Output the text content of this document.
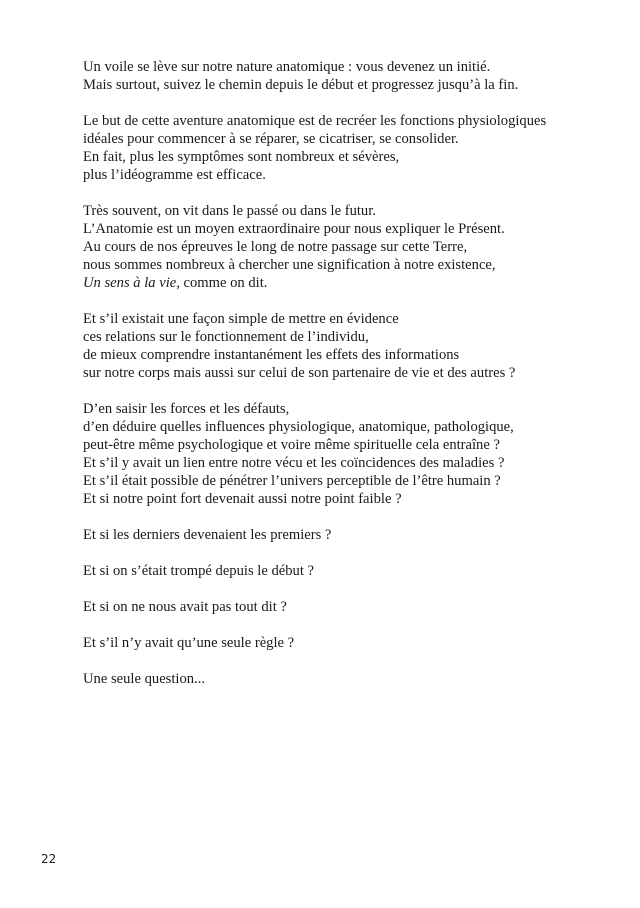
Un voile se lève sur notre nature anatomique : vous devenez un initié.
Mais surtout, suivez le chemin depuis le début et progressez jusqu’à la fin.

Le but de cette aventure anatomique est de recréer les fonctions physiologiques
idéales pour commencer à se réparer, se cicatriser, se consolider.
En fait, plus les symptômes sont nombreux et sévères,
plus l’idéogramme est efficace.

Très souvent, on vit dans le passé ou dans le futur.
L’Anatomie est un moyen extraordinaire pour nous expliquer le Présent.
Au cours de nos épreuves le long de notre passage sur cette Terre,
nous sommes nombreux à chercher une signification à notre existence,
Un sens à la vie, comme on dit.

Et s’il existait une façon simple de mettre en évidence
ces relations sur le fonctionnement de l’individu,
de mieux comprendre instantanément les effets des informations
sur notre corps mais aussi sur celui de son partenaire de vie et des autres ?

D’en saisir les forces et les défauts,
d’en déduire quelles influences physiologique, anatomique, pathologique,
peut-être même psychologique et voire même spirituelle cela entraîne ?
Et s’il y avait un lien entre notre vécu et les coïncidences des maladies ?
Et s’il était possible de pénétrer l’univers perceptible de l’être humain ?
Et si notre point fort devenait aussi notre point faible ?

Et si les derniers devenaient les premiers ?

Et si on s’était trompé depuis le début ?

Et si on ne nous avait pas tout dit ?

Et s’il n’y avait qu’une seule règle ?

Une seule question...

22
